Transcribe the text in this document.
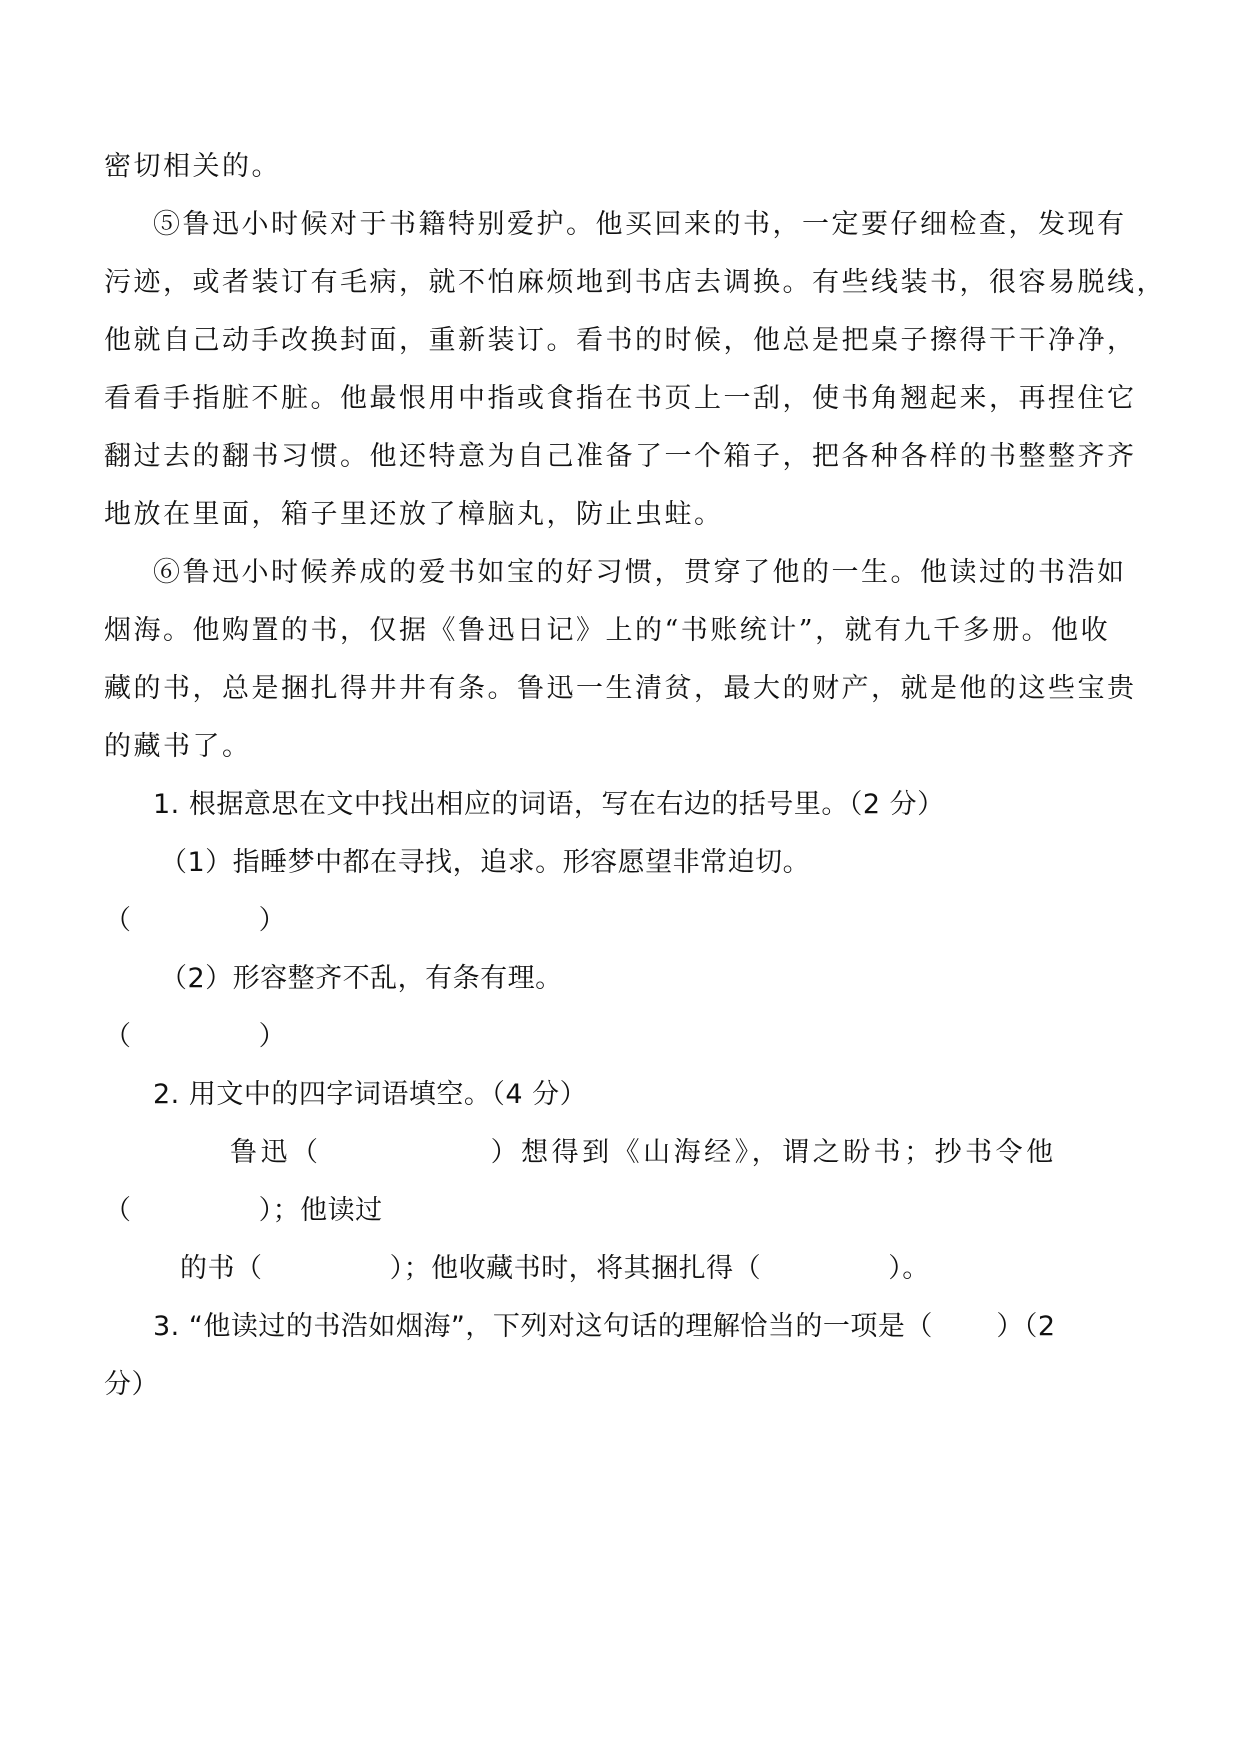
密切相关的。
⑤鲁迅小时候对于书籍特别爱护。他买回来的书，一定要仔细检查，发现有
污迹，或者装订有毛病，就不怕麻烦地到书店去调换。有些线装书，很容易脱线，
他就自己动手改换封面，重新装订。看书的时候，他总是把桌子擦得干干净净，
看看手指脏不脏。他最恨用中指或食指在书页上一刮，使书角翘起来，再捏住它
翻过去的翻书习惯。他还特意为自己准备了一个箱子，把各种各样的书整整齐齐
地放在里面，箱子里还放了樟脑丸，防止虫蛀。
⑥鲁迅小时候养成的爱书如宝的好习惯，贯穿了他的一生。他读过的书浩如
烟海。他购置的书，仅据《鲁迅日记》上的“书账统计”，就有九千多册。他收
藏的书，总是捆扎得井井有条。鲁迅一生清贫，最大的财产，就是他的这些宝贵
的藏书了。
1. 根据意思在文中找出相应的词语，写在右边的括号里。（2 分）
（1）指睡梦中都在寻找，追求。形容愿望非常迫切。
（              ）
（2）形容整齐不乱，有条有理。
（              ）
2. 用文中的四字词语填空。（4 分）
鲁迅（              ）想得到《山海经》，谓之盼书；抄书令他
（              ）；他读过
的书（              ）；他收藏书时，将其捆扎得（              ）。
3. “他读过的书浩如烟海”，下列对这句话的理解恰当的一项是（       ）（2
分）
